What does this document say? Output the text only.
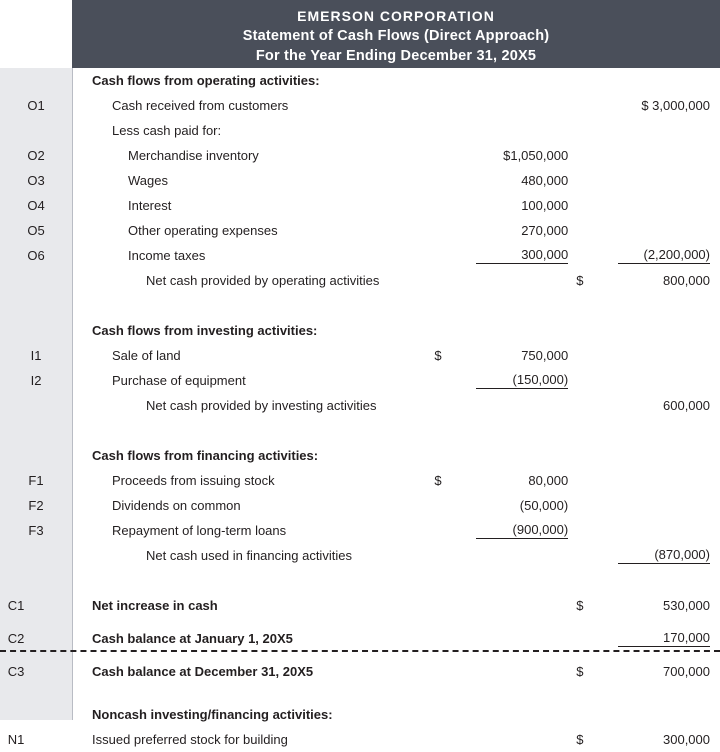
EMERSON CORPORATION
Statement of Cash Flows (Direct Approach)
For the Year Ending December 31, 20X5
Cash flows from operating activities:		

O1 Cash received from customers		$ 3,000,000
Less cash paid for:		

O2 Merchandise inventory	$1,050,000	

O3 Wages	480,000	

O4 Interest	100,000	

O5 Other operating expenses	270,000	

O6 Income taxes	300,000	(2,200,000)
Net cash provided by operating activities		$ 800,000

Cash flows from investing activities:		

I1 Sale of land	$ 750,000	

I2 Purchase of equipment	(150,000)	
Net cash provided by investing activities		600,000

Cash flows from financing activities:		

F1 Proceeds from issuing stock	$ 80,000	

F2 Dividends on common	(50,000)	

F3 Repayment of long-term loans	(900,000)	
Net cash used in financing activities		(870,000)

C1 Net increase in cash		$ 530,000

C2 Cash balance at January 1, 20X5		170,000

C3 Cash balance at December 31, 20X5		$ 700,000

Noncash investing/financing activities:		

N1 Issued preferred stock for building		$ 300,000
